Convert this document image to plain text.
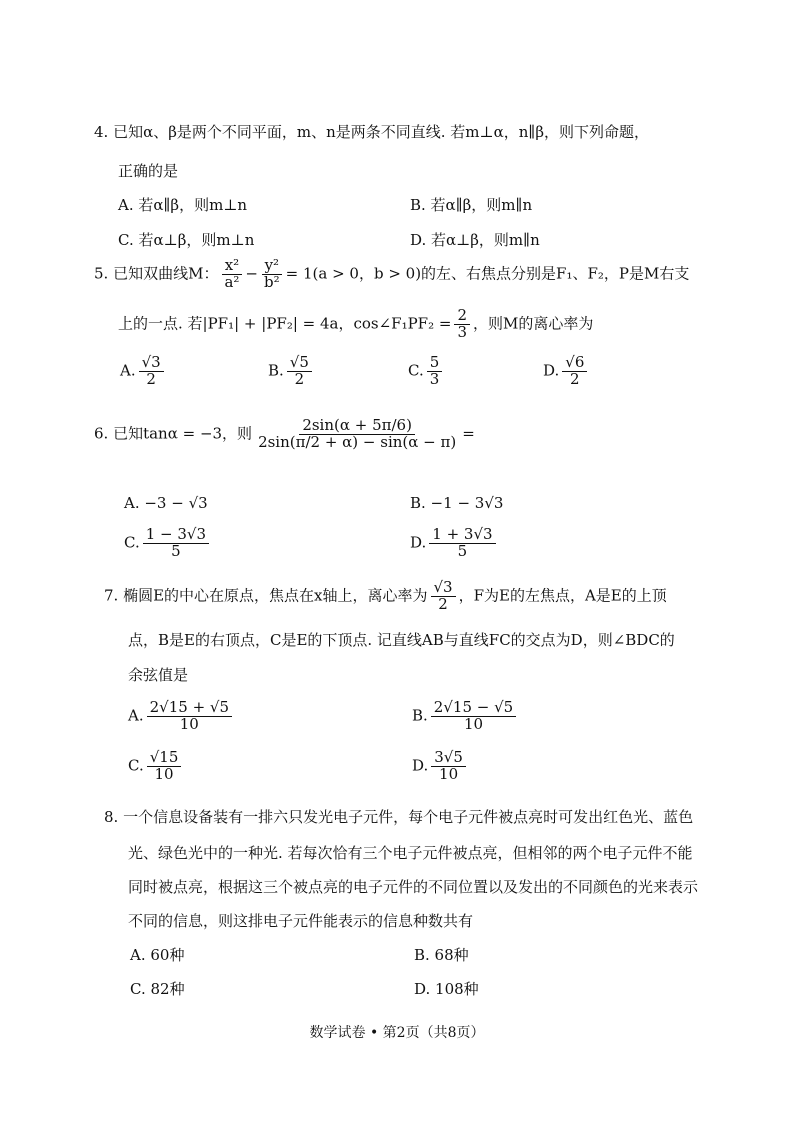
4. 已知α、β是两个不同平面，m、n是两条不同直线. 若m⊥α，n∥β，则下列命题，
正确的是
A. 若α∥β，则m⊥n	B. 若α∥β，则m∥n
C. 若α⊥β，则m⊥n	D. 若α⊥β，则m∥n
5. 已知双曲线M： $\frac{\text{x²}}{\text{a²}} - \frac{\text{y²}}{\text{b²}} = 1(a > 0$，b > 0)的左、右焦点分别是F₁、F₂，P是M右支
上的一点. 若|PF₁| + |PF₂| = 4a，cos∠F₁PF₂ = $\frac{2}{3}$ ，则M的离心率为
A. $\frac{√3}{2}$	B. $\frac{√5}{2}$	C. $\frac{5}{3}$	D. $\frac{√6}{2}$
6. 已知tanα = −3，则 $\frac{2\sin(\alpha + 5\pi/6)}{2\sin(\pi/2 + \alpha) - \sin(\alpha - \pi)}$ =
A. −3 − √3	B. −1 − 3√3
C. $\frac{1 - 3√3}{5}$	D. $\frac{1 + 3√3}{5}$
7. 椭圆E的中心在原点，焦点在x轴上，离心率为 $\frac{√3}{2}$ ，F为E的左焦点，A是E的上顶
点，B是E的右顶点，C是E的下顶点. 记直线AB与直线FC的交点为D，则∠BDC的
余弦值是
A. $\frac{2√15 + √5}{10}$	B. $\frac{2√15 - √5}{10}$
C. $\frac{√15}{10}$	D. $\frac{3√5}{10}$
8. 一个信息设备装有一排六只发光电子元件，每个电子元件被点亮时可发出红色光、蓝色
光、绿色光中的一种光. 若每次恰有三个电子元件被点亮，但相邻的两个电子元件不能
同时被点亮，根据这三个被点亮的电子元件的不同位置以及发出的不同颜色的光来表示
不同的信息，则这排电子元件能表示的信息种数共有
A. 60种	B. 68种
C. 82种	D. 108种
数学试卷 • 第2页（共8页）
